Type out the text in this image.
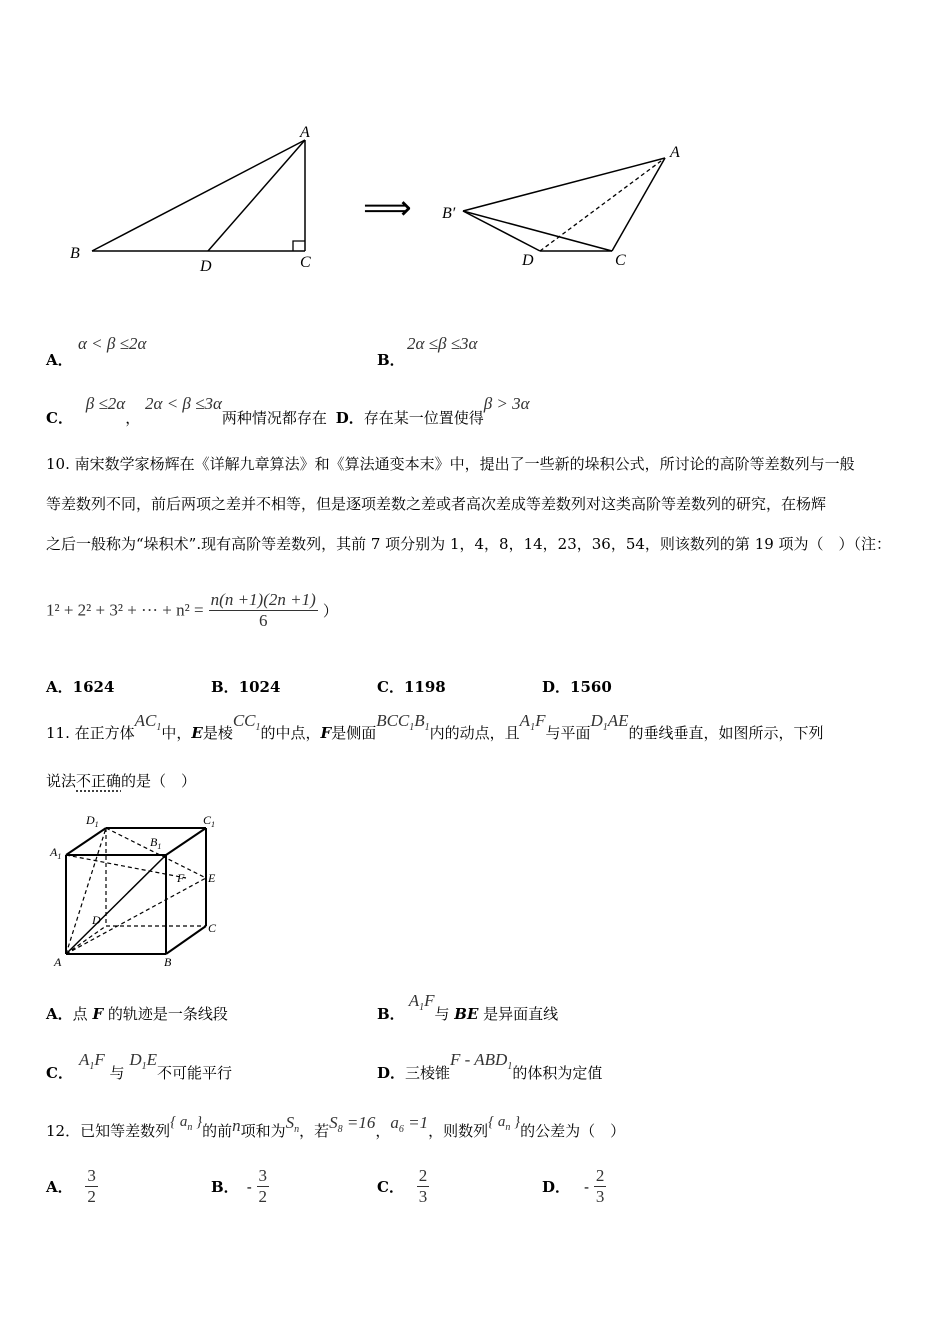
A
B
C
D
⟹
A
B′
C
D
A．
α < β ≤2α
B．
2α ≤β ≤3α
C． β ≤2α， 2α < β ≤3α两种情况都存在 D．存在某一位置使得β > 3α
10. 南宋数学家杨辉在《详解九章算法》和《算法通变本末》中，提出了一些新的垛积公式，所讨论的高阶等差数列与一般
等差数列不同，前后两项之差并不相等，但是逐项差数之差或者高次差成等差数列对这类高阶等差数列的研究，在杨辉
之后一般称为“垛积术”.现有高阶等差数列，其前 7 项分别为 1，4，8，14，23，36，54，则该数列的第 19 项为（　）（注：
1² + 2² + 3² + ··· + $n^2 = \frac{n(n +1)(2n +1)}{6}$ ）
A．1624	B．1024	C．1198	D．1560
11. 在正方体$AC_1$中，E是棱$CC_1$的中点，F是侧面$BCC_1B_1$内的动点，且$A_1F$与平面$D_1AE$的垂线垂直，如图所示，下列
说法不正确的是（　）
$D_1$	$C_1$
$A_1$
$B_1$
F E
D
C
A	B
A．点 F 的轨迹是一条线段	B．$A_1F$与 BE 是异面直线
C．$A_1F$ 与 $D_1E$不可能平行	D．三棱锥F - $ABD_1$的体积为定值
12．已知等差数列{ $a_n$ }的前n项和为$S_n$，若$S_8 =16$，$a_6 =1$，则数列{ $a_n$ }的公差为（　）
A． $\frac{3}{2}$	B． - $\frac{3}{2}$	C． $\frac{2}{3}$	D． - $\frac{2}{3}$
